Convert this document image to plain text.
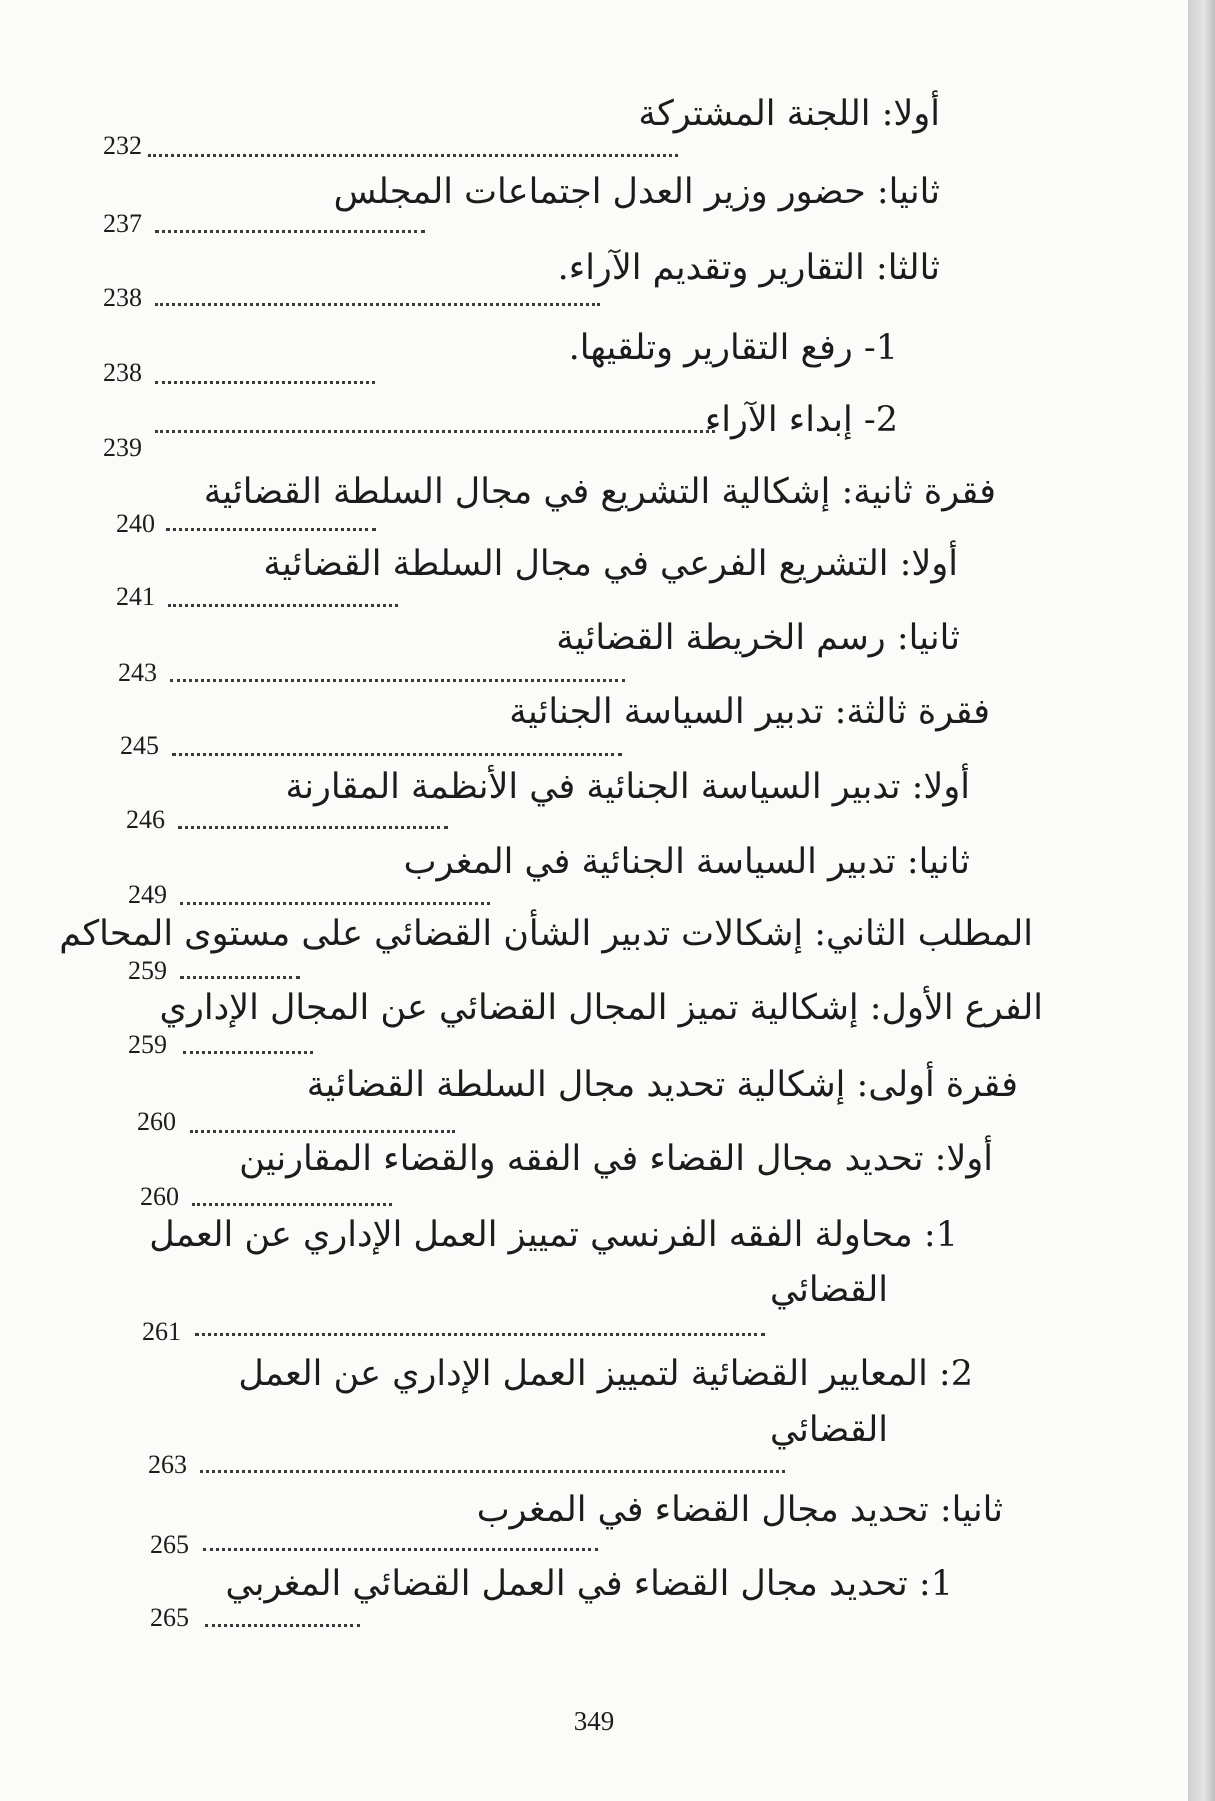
أولا: اللجنة المشتركة
232
ثانيا: حضور وزير العدل اجتماعات المجلس
237
ثالثا: التقارير وتقديم الآراء.
238
1- رفع التقارير وتلقيها.
238
2- إبداء الآراء
239
فقرة ثانية: إشكالية التشريع في مجال السلطة القضائية
240
أولا: التشريع الفرعي في مجال السلطة القضائية
241
ثانيا: رسم الخريطة القضائية
243
فقرة ثالثة: تدبير السياسة الجنائية
245
أولا: تدبير السياسة الجنائية في الأنظمة المقارنة
246
ثانيا: تدبير السياسة الجنائية في المغرب
249
المطلب الثاني: إشكالات تدبير الشأن القضائي على مستوى المحاكم
259
الفرع الأول: إشكالية تميز المجال القضائي عن المجال الإداري
259
فقرة أولى: إشكالية تحديد مجال السلطة القضائية
260
أولا: تحديد مجال القضاء في الفقه والقضاء المقارنين
260
1: محاولة الفقه الفرنسي تمييز العمل الإداري عن العمل
القضائي
261
2: المعايير القضائية لتمييز العمل الإداري عن العمل
القضائي
263
ثانيا: تحديد مجال القضاء في المغرب
265
1: تحديد مجال القضاء في العمل القضائي المغربي
265
349
